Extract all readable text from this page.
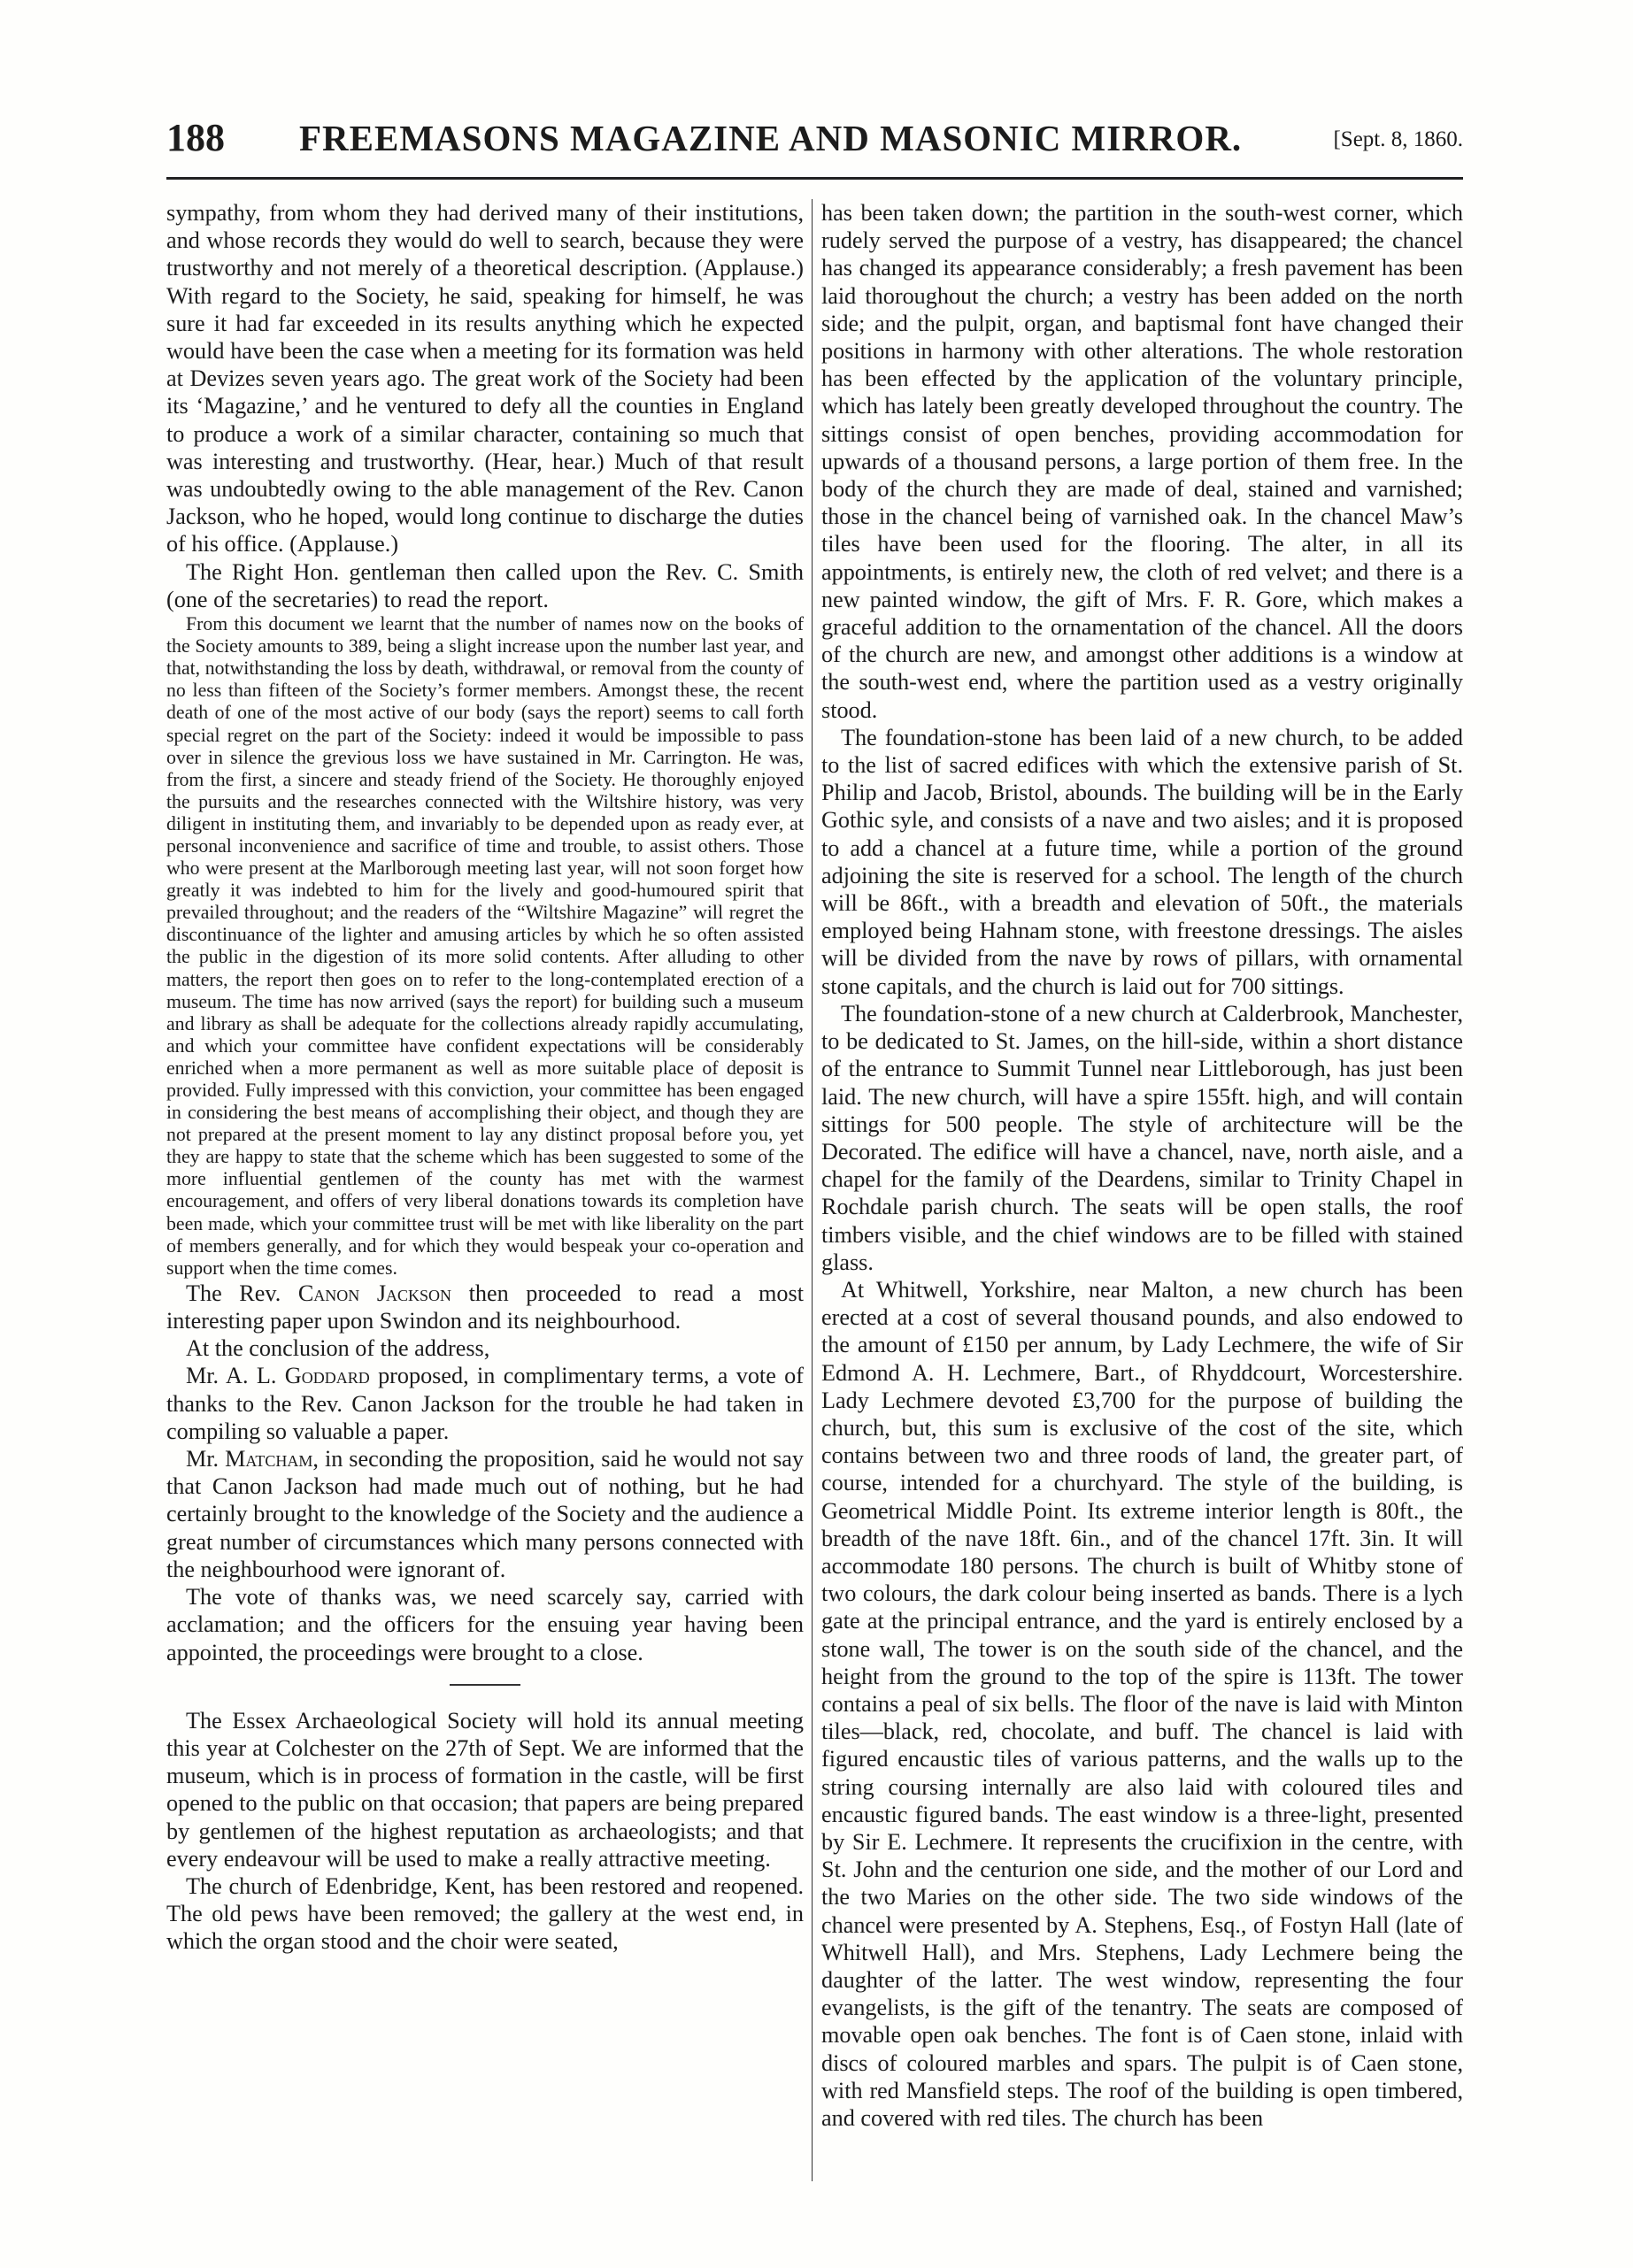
188 FREEMASONS MAGAZINE AND MASONIC MIRROR.	[Sept. 8, 1860.

sympathy, from whom they had derived many of their institutions, and whose records they would do well to search, because they were trustworthy and not merely of a theoretical description. (Applause.) With regard to the Society, he said, speaking for himself, he was sure it had far exceeded in its results anything which he expected would have been the case when a meeting for its formation was held at Devizes seven years ago. The great work of the Society had been its ‘Magazine,’ and he ventured to defy all the counties in England to produce a work of a similar character, containing so much that was interesting and trustworthy. (Hear, hear.) Much of that result was undoubtedly owing to the able management of the Rev. Canon Jackson, who he hoped, would long continue to discharge the duties of his office. (Applause.)

The Right Hon. gentleman then called upon the Rev. C. Smith (one of the secretaries) to read the report.

From this document we learnt that the number of names now on the books of the Society amounts to 389, being a slight increase upon the number last year, and that, notwithstanding the loss by death, withdrawal, or removal from the county of no less than fifteen of the Society’s former members. Amongst these, the recent death of one of the most active of our body (says the report) seems to call forth special regret on the part of the Society: indeed it would be impossible to pass over in silence the grevious loss we have sustained in Mr. Carrington. He was, from the first, a sincere and steady friend of the Society. He thoroughly enjoyed the pursuits and the researches connected with the Wiltshire history, was very diligent in instituting them, and invariably to be depended upon as ready ever, at personal inconvenience and sacrifice of time and trouble, to assist others. Those who were present at the Marlborough meeting last year, will not soon forget how greatly it was indebted to him for the lively and good-humoured spirit that prevailed throughout; and the readers of the “Wiltshire Magazine” will regret the discontinuance of the lighter and amusing articles by which he so often assisted the public in the digestion of its more solid contents. After alluding to other matters, the report then goes on to refer to the long-contemplated erection of a museum. The time has now arrived (says the report) for building such a museum and library as shall be adequate for the collections already rapidly accumulating, and which your committee have confident expectations will be considerably enriched when a more permanent as well as more suitable place of deposit is provided. Fully impressed with this conviction, your committee has been engaged in considering the best means of accomplishing their object, and though they are not prepared at the present moment to lay any distinct proposal before you, yet they are happy to state that the scheme which has been suggested to some of the more influential gentlemen of the county has met with the warmest encouragement, and offers of very liberal donations towards its completion have been made, which your committee trust will be met with like liberality on the part of members generally, and for which they would bespeak your co-operation and support when the time comes.

The Rev. Canon Jackson then proceeded to read a most interesting paper upon Swindon and its neighbourhood.

At the conclusion of the address,

Mr. A. L. Goddard proposed, in complimentary terms, a vote of thanks to the Rev. Canon Jackson for the trouble he had taken in compiling so valuable a paper.

Mr. Matcham, in seconding the proposition, said he would not say that Canon Jackson had made much out of nothing, but he had certainly brought to the knowledge of the Society and the audience a great number of circumstances which many persons connected with the neighbourhood were ignorant of.

The vote of thanks was, we need scarcely say, carried with acclamation; and the officers for the ensuing year having been appointed, the proceedings were brought to a close.

The Essex Archaeological Society will hold its annual meeting this year at Colchester on the 27th of Sept. We are informed that the museum, which is in process of formation in the castle, will be first opened to the public on that occasion; that papers are being prepared by gentlemen of the highest reputation as archaeologists; and that every endeavour will be used to make a really attractive meeting.

The church of Edenbridge, Kent, has been restored and reopened. The old pews have been removed; the gallery at the west end, in which the organ stood and the choir were seated,

has been taken down; the partition in the south-west corner, which rudely served the purpose of a vestry, has disappeared; the chancel has changed its appearance considerably; a fresh pavement has been laid thoroughout the church; a vestry has been added on the north side; and the pulpit, organ, and baptismal font have changed their positions in harmony with other alterations. The whole restoration has been effected by the application of the voluntary principle, which has lately been greatly developed throughout the country. The sittings consist of open benches, providing accommodation for upwards of a thousand persons, a large portion of them free. In the body of the church they are made of deal, stained and varnished; those in the chancel being of varnished oak. In the chancel Maw’s tiles have been used for the flooring. The alter, in all its appointments, is entirely new, the cloth of red velvet; and there is a new painted window, the gift of Mrs. F. R. Gore, which makes a graceful addition to the ornamentation of the chancel. All the doors of the church are new, and amongst other additions is a window at the south-west end, where the partition used as a vestry originally stood.

The foundation-stone has been laid of a new church, to be added to the list of sacred edifices with which the extensive parish of St. Philip and Jacob, Bristol, abounds. The building will be in the Early Gothic syle, and consists of a nave and two aisles; and it is proposed to add a chancel at a future time, while a portion of the ground adjoining the site is reserved for a school. The length of the church will be 86ft., with a breadth and elevation of 50ft., the materials employed being Hahnam stone, with freestone dressings. The aisles will be divided from the nave by rows of pillars, with ornamental stone capitals, and the church is laid out for 700 sittings.

The foundation-stone of a new church at Calderbrook, Manchester, to be dedicated to St. James, on the hill-side, within a short distance of the entrance to Summit Tunnel near Littleborough, has just been laid. The new church, will have a spire 155ft. high, and will contain sittings for 500 people. The style of architecture will be the Decorated. The edifice will have a chancel, nave, north aisle, and a chapel for the family of the Deardens, similar to Trinity Chapel in Rochdale parish church. The seats will be open stalls, the roof timbers visible, and the chief windows are to be filled with stained glass.

At Whitwell, Yorkshire, near Malton, a new church has been erected at a cost of several thousand pounds, and also endowed to the amount of £150 per annum, by Lady Lechmere, the wife of Sir Edmond A. H. Lechmere, Bart., of Rhyddcourt, Worcestershire. Lady Lechmere devoted £3,700 for the purpose of building the church, but, this sum is exclusive of the cost of the site, which contains between two and three roods of land, the greater part, of course, intended for a churchyard. The style of the building, is Geometrical Middle Point. Its extreme interior length is 80ft., the breadth of the nave 18ft. 6in., and of the chancel 17ft. 3in. It will accommodate 180 persons. The church is built of Whitby stone of two colours, the dark colour being inserted as bands. There is a lych gate at the principal entrance, and the yard is entirely enclosed by a stone wall, The tower is on the south side of the chancel, and the height from the ground to the top of the spire is 113ft. The tower contains a peal of six bells. The floor of the nave is laid with Minton tiles—black, red, chocolate, and buff. The chancel is laid with figured encaustic tiles of various patterns, and the walls up to the string coursing internally are also laid with coloured tiles and encaustic figured bands. The east window is a three-light, presented by Sir E. Lechmere. It represents the crucifixion in the centre, with St. John and the centurion one side, and the mother of our Lord and the two Maries on the other side. The two side windows of the chancel were presented by A. Stephens, Esq., of Fostyn Hall (late of Whitwell Hall), and Mrs. Stephens, Lady Lechmere being the daughter of the latter. The west window, representing the four evangelists, is the gift of the tenantry. The seats are composed of movable open oak benches. The font is of Caen stone, inlaid with discs of coloured marbles and spars. The pulpit is of Caen stone, with red Mansfield steps. The roof of the building is open timbered, and covered with red tiles. The church has been
